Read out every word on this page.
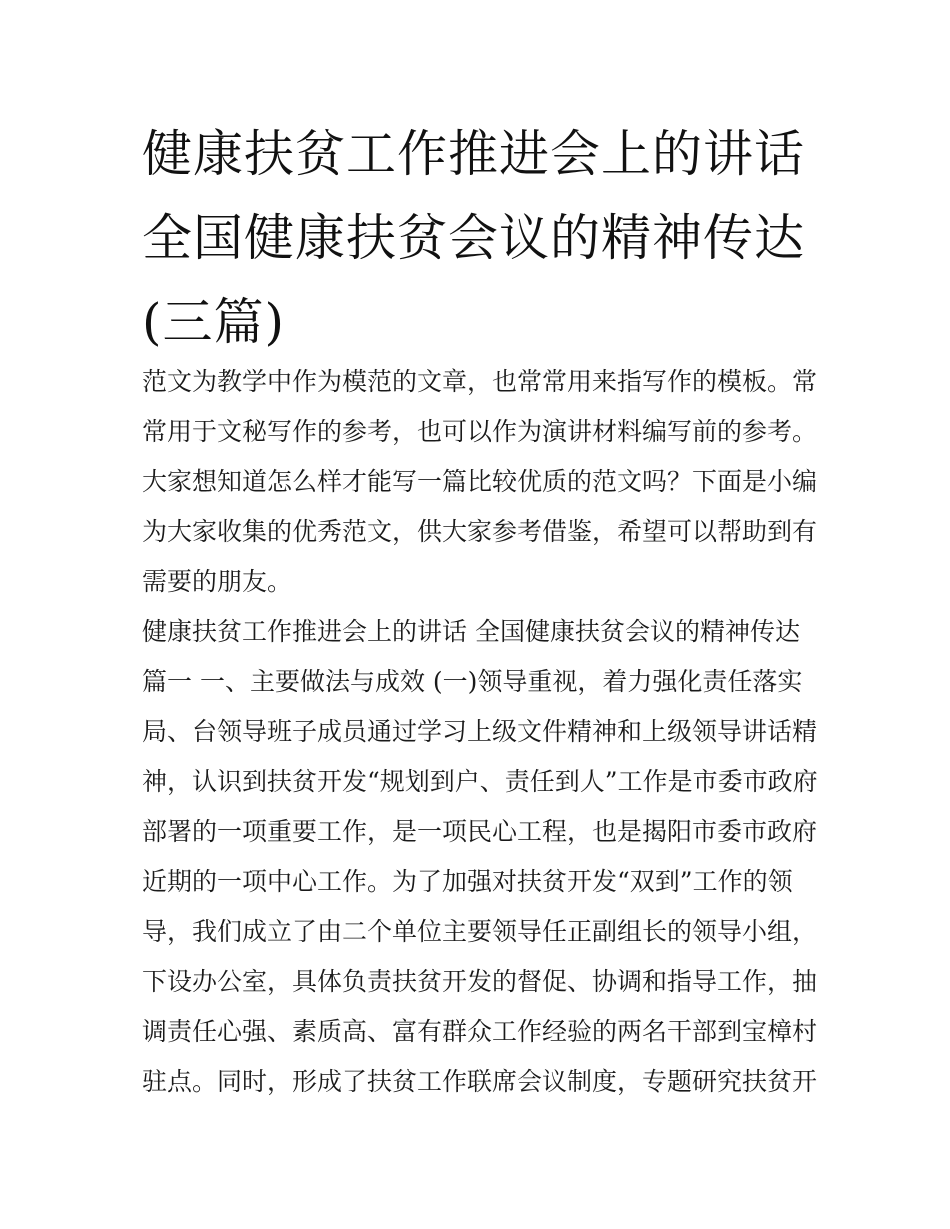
健康扶贫工作推进会上的讲话
全国健康扶贫会议的精神传达
(三篇)
范文为教学中作为模范的文章，也常常用来指写作的模板。常
常用于文秘写作的参考，也可以作为演讲材料编写前的参考。
大家想知道怎么样才能写一篇比较优质的范文吗？下面是小编
为大家收集的优秀范文，供大家参考借鉴，希望可以帮助到有
需要的朋友。
健康扶贫工作推进会上的讲话 全国健康扶贫会议的精神传达
篇一 一、主要做法与成效 (一)领导重视，着力强化责任落实
局、台领导班子成员通过学习上级文件精神和上级领导讲话精
神，认识到扶贫开发“规划到户、责任到人”工作是市委市政府
部署的一项重要工作，是一项民心工程，也是揭阳市委市政府
近期的一项中心工作。为了加强对扶贫开发“双到”工作的领
导，我们成立了由二个单位主要领导任正副组长的领导小组，
下设办公室，具体负责扶贫开发的督促、协调和指导工作，抽
调责任心强、素质高、富有群众工作经验的两名干部到宝樟村
驻点。同时，形成了扶贫工作联席会议制度，专题研究扶贫开
